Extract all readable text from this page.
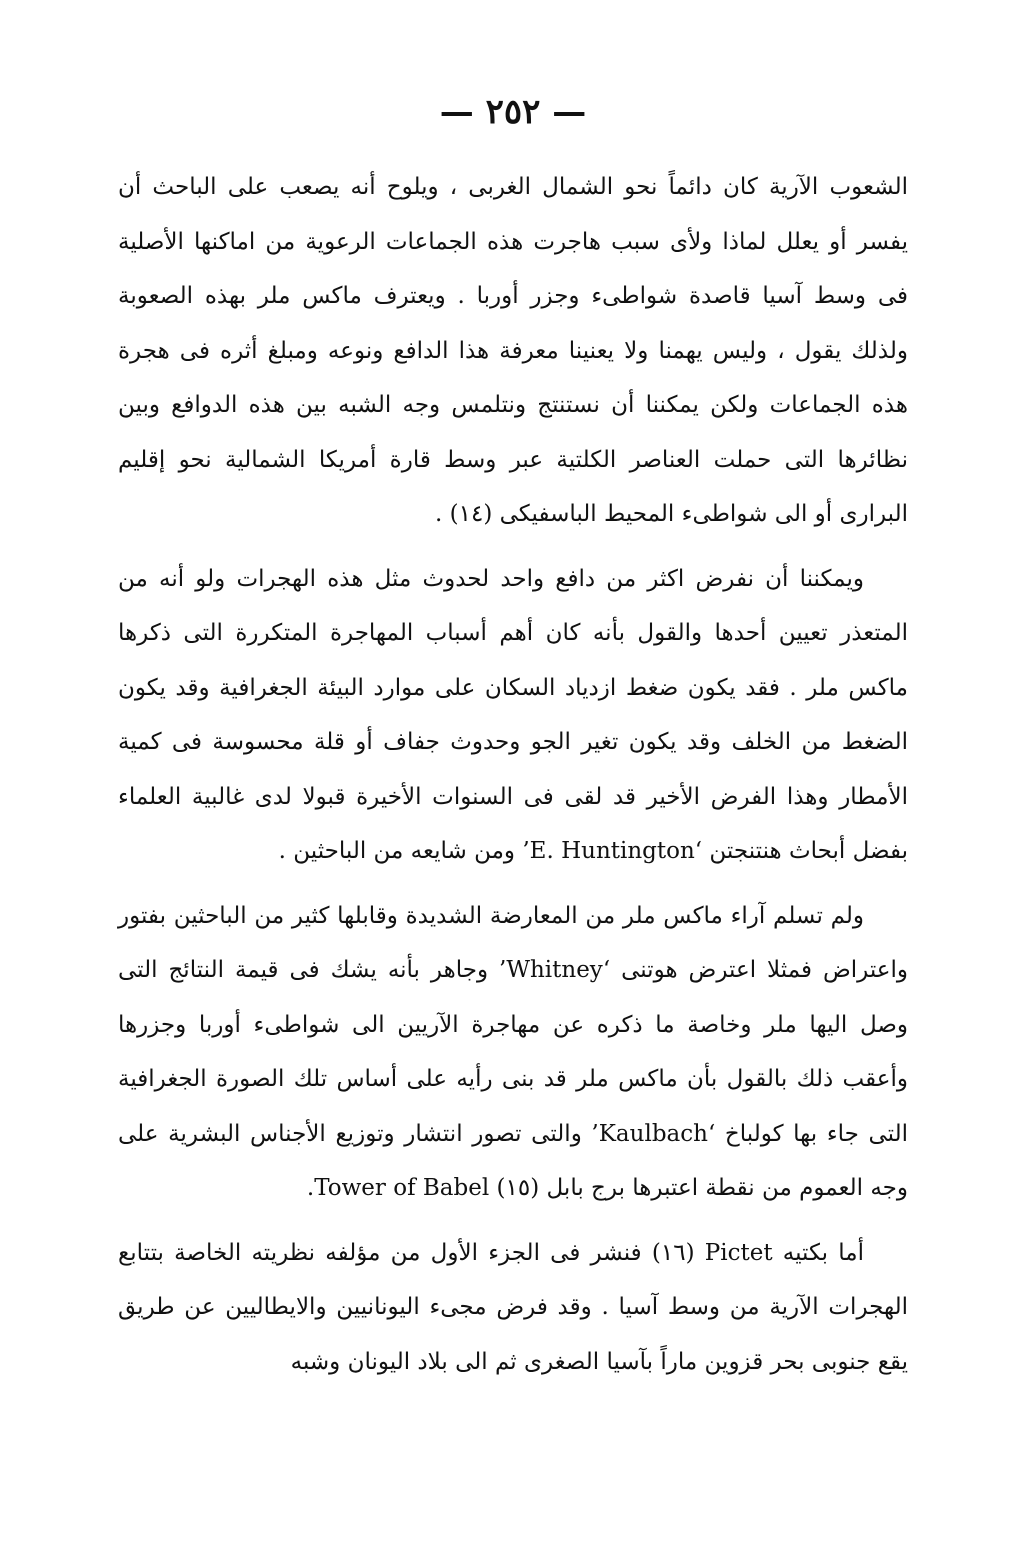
— ٢٥٢ —

الشعوب الآرية كان دائماً نحو الشمال الغربى ، ويلوح أنه يصعب على الباحث أن يفسر أو يعلل لماذا ولأى سبب هاجرت هذه الجماعات الرعوية من اماكنها الأصلية فى وسط آسيا قاصدة شواطىء وجزر أوربا . ويعترف ماكس ملر بهذه الصعوبة ولذلك يقول ، وليس يهمنا ولا يعنينا معرفة هذا الدافع ونوعه ومبلغ أثره فى هجرة هذه الجماعات ولكن يمكننا أن نستنتج ونتلمس وجه الشبه بين هذه الدوافع وبين نظائرها التى حملت العناصر الكلتية عبر وسط قارة أمريكا الشمالية نحو إقليم البرارى أو الى شواطىء المحيط الباسفيكى (١٤) .

ويمكننا أن نفرض اكثر من دافع واحد لحدوث مثل هذه الهجرات ولو أنه من المتعذر تعيين أحدها والقول بأنه كان أهم أسباب المهاجرة المتكررة التى ذكرها ماكس ملر . فقد يكون ضغط ازدياد السكان على موارد البيئة الجغرافية وقد يكون الضغط من الخلف وقد يكون تغير الجو وحدوث جفاف أو قلة محسوسة فى كمية الأمطار وهذا الفرض الأخير قد لقى فى السنوات الأخيرة قبولا لدى غالبية العلماء بفضل أبحاث هنتنجتن ‘E. Huntington’ ومن شايعه من الباحثين .

ولم تسلم آراء ماكس ملر من المعارضة الشديدة وقابلها كثير من الباحثين بفتور واعتراض فمثلا اعترض هوتنى ‘Whitney’ وجاهر بأنه يشك فى قيمة النتائج التى وصل اليها ملر وخاصة ما ذكره عن مهاجرة الآريين الى شواطىء أوربا وجزرها وأعقب ذلك بالقول بأن ماكس ملر قد بنى رأيه على أساس تلك الصورة الجغرافية التى جاء بها كولباخ ‘Kaulbach’ والتى تصور انتشار وتوزيع الأجناس البشرية على وجه العموم من نقطة اعتبرها برج بابل (١٥) Tower of Babel.

أما بكتيه Pictet (١٦) فنشر فى الجزء الأول من مؤلفه نظريته الخاصة بتتابع الهجرات الآرية من وسط آسيا . وقد فرض مجىء اليونانيين والايطاليين عن طريق يقع جنوبى بحر قزوين ماراً بآسيا الصغرى ثم الى بلاد اليونان وشبه
